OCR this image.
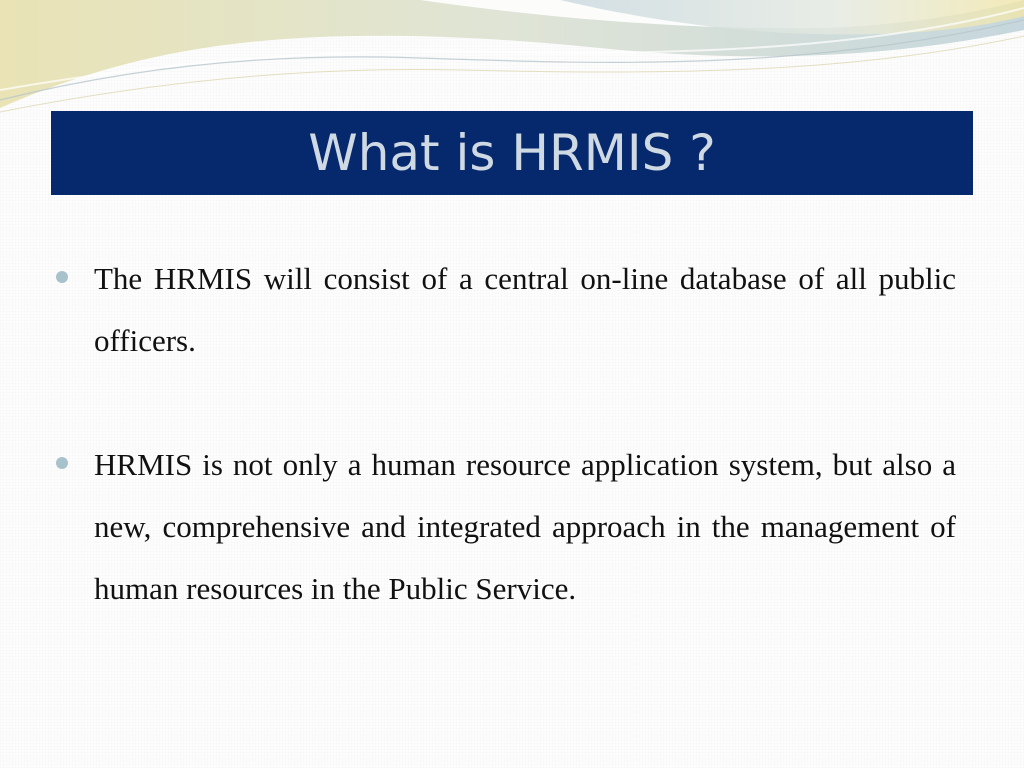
What is HRMIS ?
The HRMIS will consist of a central on-line database of all public officers.
HRMIS is not only a human resource application system, but also a new, comprehensive and integrated approach in the management of human resources in the Public Service.
